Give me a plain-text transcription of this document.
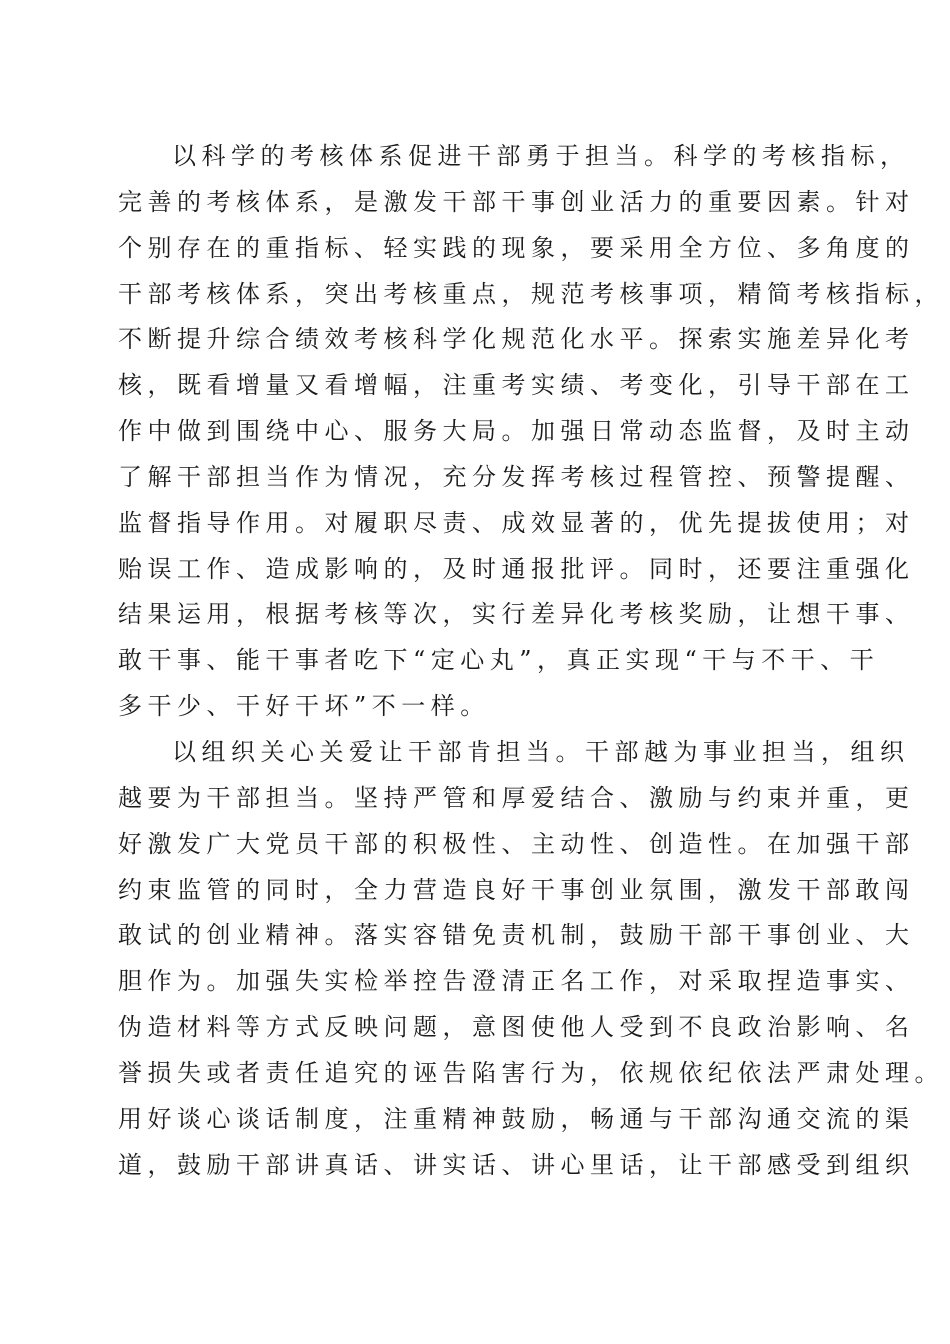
以科学的考核体系促进干部勇于担当。科学的考核指标，
完善的考核体系，是激发干部干事创业活力的重要因素。针对
个别存在的重指标、轻实践的现象，要采用全方位、多角度的
干部考核体系，突出考核重点，规范考核事项，精简考核指标，
不断提升综合绩效考核科学化规范化水平。探索实施差异化考
核，既看增量又看增幅，注重考实绩、考变化，引导干部在工
作中做到围绕中心、服务大局。加强日常动态监督，及时主动
了解干部担当作为情况，充分发挥考核过程管控、预警提醒、
监督指导作用。对履职尽责、成效显著的，优先提拔使用；对
贻误工作、造成影响的，及时通报批评。同时，还要注重强化
结果运用，根据考核等次，实行差异化考核奖励，让想干事、
敢干事、能干事者吃下“定心丸”，真正实现“干与不干、干
多干少、干好干坏”不一样。
以组织关心关爱让干部肯担当。干部越为事业担当，组织
越要为干部担当。坚持严管和厚爱结合、激励与约束并重，更
好激发广大党员干部的积极性、主动性、创造性。在加强干部
约束监管的同时，全力营造良好干事创业氛围，激发干部敢闯
敢试的创业精神。落实容错免责机制，鼓励干部干事创业、大
胆作为。加强失实检举控告澄清正名工作，对采取捏造事实、
伪造材料等方式反映问题，意图使他人受到不良政治影响、名
誉损失或者责任追究的诬告陷害行为，依规依纪依法严肃处理。
用好谈心谈话制度，注重精神鼓励，畅通与干部沟通交流的渠
道，鼓励干部讲真话、讲实话、讲心里话，让干部感受到组织
